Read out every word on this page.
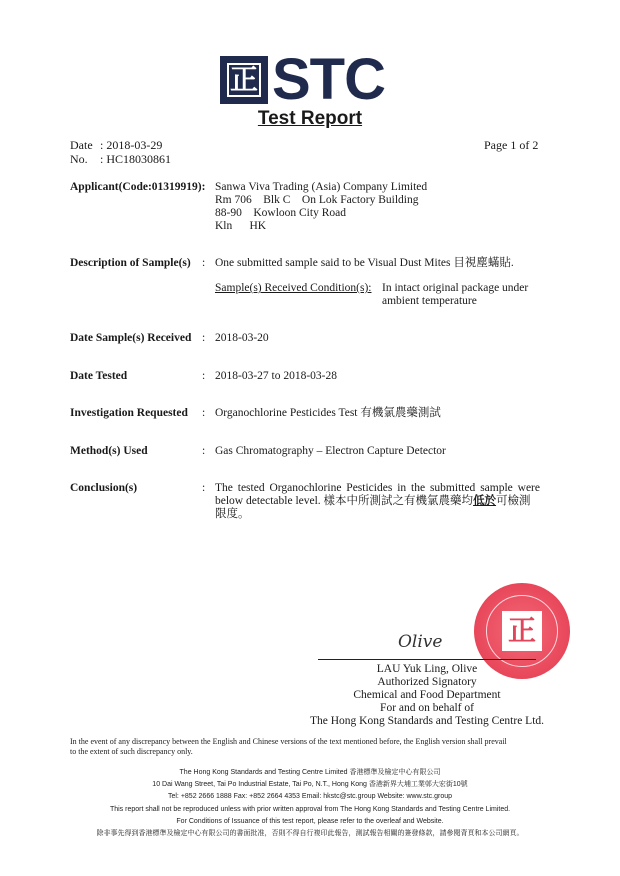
正 STC
Test Report
Date : 2018-03-29
No. : HC18030861
Page 1 of 2
Applicant(Code:01319919): Sanwa Viva Trading (Asia) Company Limited
Rm 706    Blk C    On Lok Factory Building
88-90    Kowloon City Road
Kln      HK
Description of Sample(s) : One submitted sample said to be Visual Dust Mites 目視塵蟎貼.
Sample(s) Received Condition(s): In intact original package under
ambient temperature
Date Sample(s) Received : 2018-03-20
Date Tested	: 2018-03-27 to 2018-03-28
Investigation Requested : Organochlorine Pesticides Test 有機氯農藥測試
Method(s) Used	: Gas Chromatography – Electron Capture Detector
Conclusion(s)	: The tested Organochlorine Pesticides in the submitted sample were
below detectable level. 樣本中所測試之有機氯農藥均低於可檢測
限度。
正
Olive
LAU Yuk Ling, Olive
Authorized Signatory
Chemical and Food Department
For and on behalf of
The Hong Kong Standards and Testing Centre Ltd.
In the event of any discrepancy between the English and Chinese versions of the text mentioned before, the English version shall prevail
to the extent of such discrepancy only.
The Hong Kong Standards and Testing Centre Limited 香港標準及檢定中心有限公司
10 Dai Wang Street, Tai Po Industrial Estate, Tai Po, N.T., Hong Kong 香港新界大埔工業邨大宏街10號
Tel: +852 2666 1888 Fax: +852 2664 4353 Email: hkstc@stc.group Website: www.stc.group
This report shall not be reproduced unless with prior written approval from The Hong Kong Standards and Testing Centre Limited.
For Conditions of Issuance of this test report, please refer to the overleaf and Website.
除非事先得到香港標準及檢定中心有限公司的書面批准，否則不得自行複印此報告，測試報告相關的簽發條款，請參閱背頁和本公司網頁。
